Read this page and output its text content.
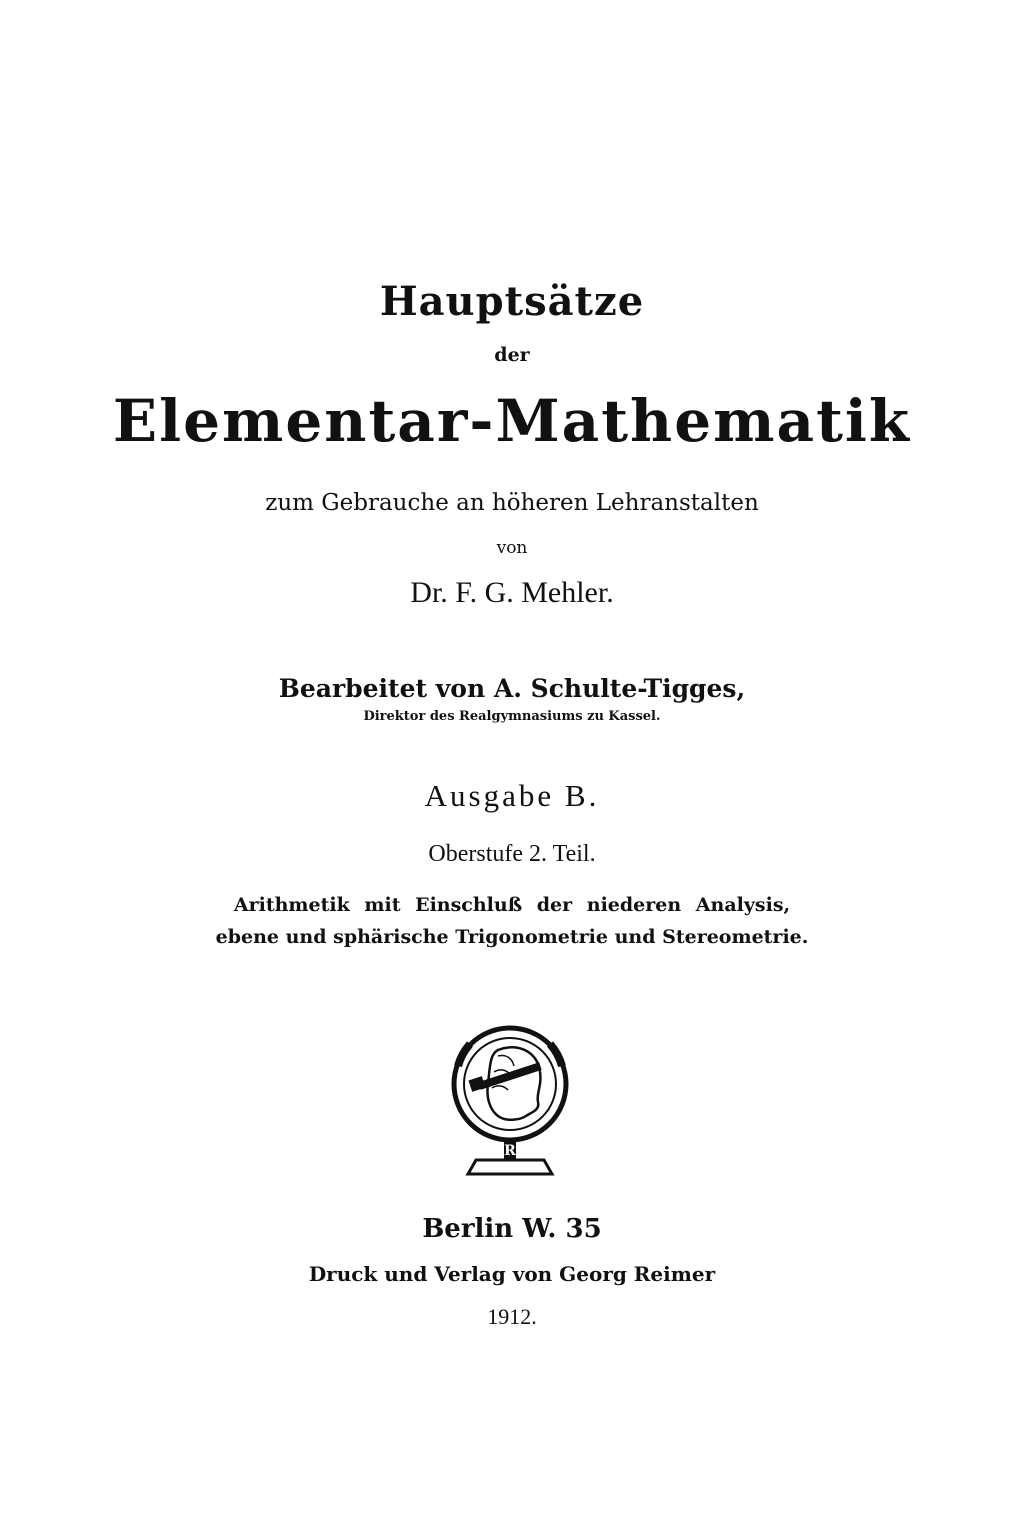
Hauptsätze
der
Elementar-Mathematik
zum Gebrauche an höheren Lehranstalten
von
Dr. F. G. Mehler.
Bearbeitet von A. Schulte-Tigges,
Direktor des Realgymnasiums zu Kassel.
Ausgabe B.
Oberstufe 2. Teil.
Arithmetik mit Einschluß der niederen Analysis,
ebene und sphärische Trigonometrie und Stereometrie.
R
Berlin W. 35
Druck und Verlag von Georg Reimer
1912.
